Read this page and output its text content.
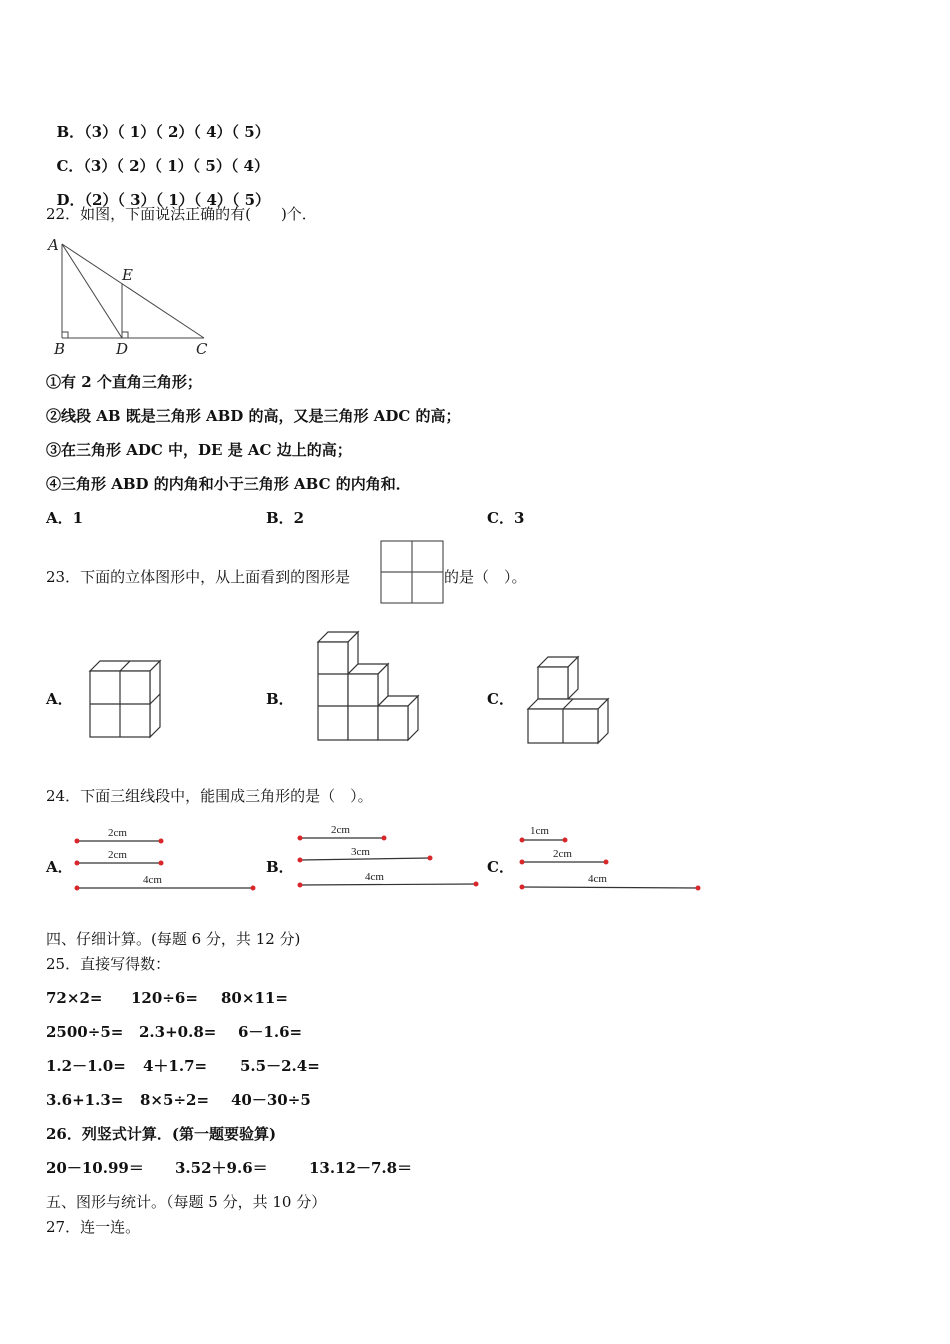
B．（3）（ 1）（ 2）（ 4）（ 5）

C．（3）（ 2）（ 1）（ 5）（ 4）

D．（2）（ 3）（ 1）（ 4）（ 5）

22．如图，下面说法正确的有(　　)个．
A
B	D	C
E
①有 2 个直角三角形；
②线段 AB 既是三角形 ABD 的高，又是三角形 ADC 的高；
③在三角形 ADC 中，DE 是 AC 边上的高；
④三角形 ABD 的内角和小于三角形 ABC 的内角和．
A．1	B．2	C．3
23．下面的立体图形中，从上面看到的图形是	的是（　）。
A．	B．	C．
24．下面三组线段中，能围成三角形的是（　）。
A．	B．	C．
2cm
2cm
4cm
2cm
3cm
4cm
1cm
2cm
4cm
四、仔细计算。(每题 6 分，共 12 分)
25．直接写得数：
72×2= 120÷6= 80×11=
2500÷5= 2.3+0.8= 6－1.6=
1.2－1.0= 4＋1.7= 5.5－2.4=
3.6+1.3= 8×5÷2= 40－30÷5
26．列竖式计算．(第一题要验算)
20－10.99＝ 3.52＋9.6＝	13.12－7.8＝
五、图形与统计。（每题 5 分，共 10 分）
27．连一连。
